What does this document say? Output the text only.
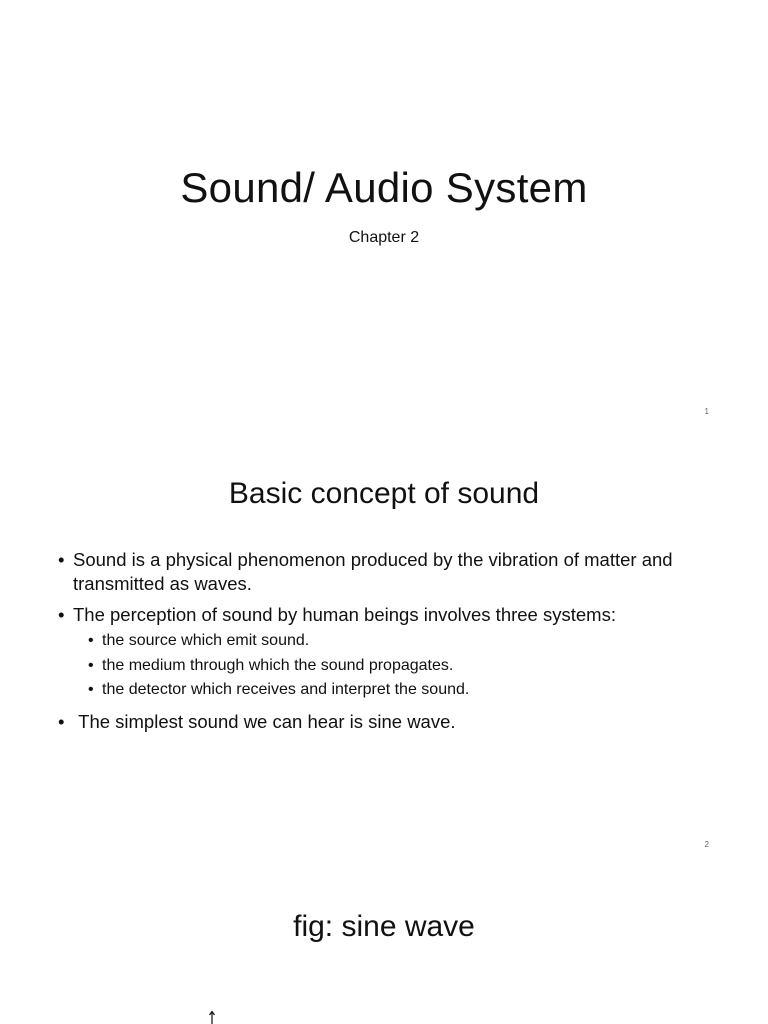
Sound/ Audio System
Chapter 2
1
Basic concept of sound
• Sound is a physical phenomenon produced by the vibration of matter and transmitted as waves.
• The perception of sound by human beings involves three systems:
• the source which emit sound.
• the medium through which the sound propagates.
• the detector which receives and interpret the sound.
• The simplest sound we can hear is sine wave.
2
fig: sine wave
